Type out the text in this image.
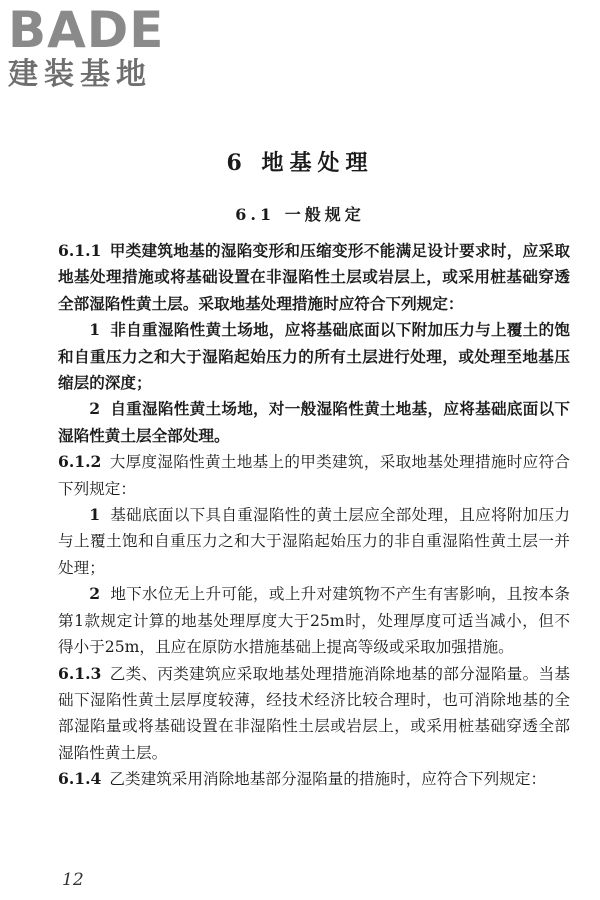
BADE
建装基地
6 地基处理
6.1 一般规定

6.1.1 甲类建筑地基的湿陷变形和压缩变形不能满足设计要求时，应采取地基处理措施或将基础设置在非湿陷性土层或岩层上，或采用桩基础穿透全部湿陷性黄土层。采取地基处理措施时应符合下列规定：

1 非自重湿陷性黄土场地，应将基础底面以下附加压力与上覆土的饱和自重压力之和大于湿陷起始压力的所有土层进行处理，或处理至地基压缩层的深度；

2 自重湿陷性黄土场地，对一般湿陷性黄土地基，应将基础底面以下湿陷性黄土层全部处理。

6.1.2 大厚度湿陷性黄土地基上的甲类建筑，采取地基处理措施时应符合下列规定：

1 基础底面以下具自重湿陷性的黄土层应全部处理，且应将附加压力与上覆土饱和自重压力之和大于湿陷起始压力的非自重湿陷性黄土层一并处理；

2 地下水位无上升可能，或上升对建筑物不产生有害影响，且按本条第1款规定计算的地基处理厚度大于25m时，处理厚度可适当减小，但不得小于25m，且应在原防水措施基础上提高等级或采取加强措施。

6.1.3 乙类、丙类建筑应采取地基处理措施消除地基的部分湿陷量。当基础下湿陷性黄土层厚度较薄，经技术经济比较合理时，也可消除地基的全部湿陷量或将基础设置在非湿陷性土层或岩层上，或采用桩基础穿透全部湿陷性黄土层。

6.1.4 乙类建筑采用消除地基部分湿陷量的措施时，应符合下列规定：

12
